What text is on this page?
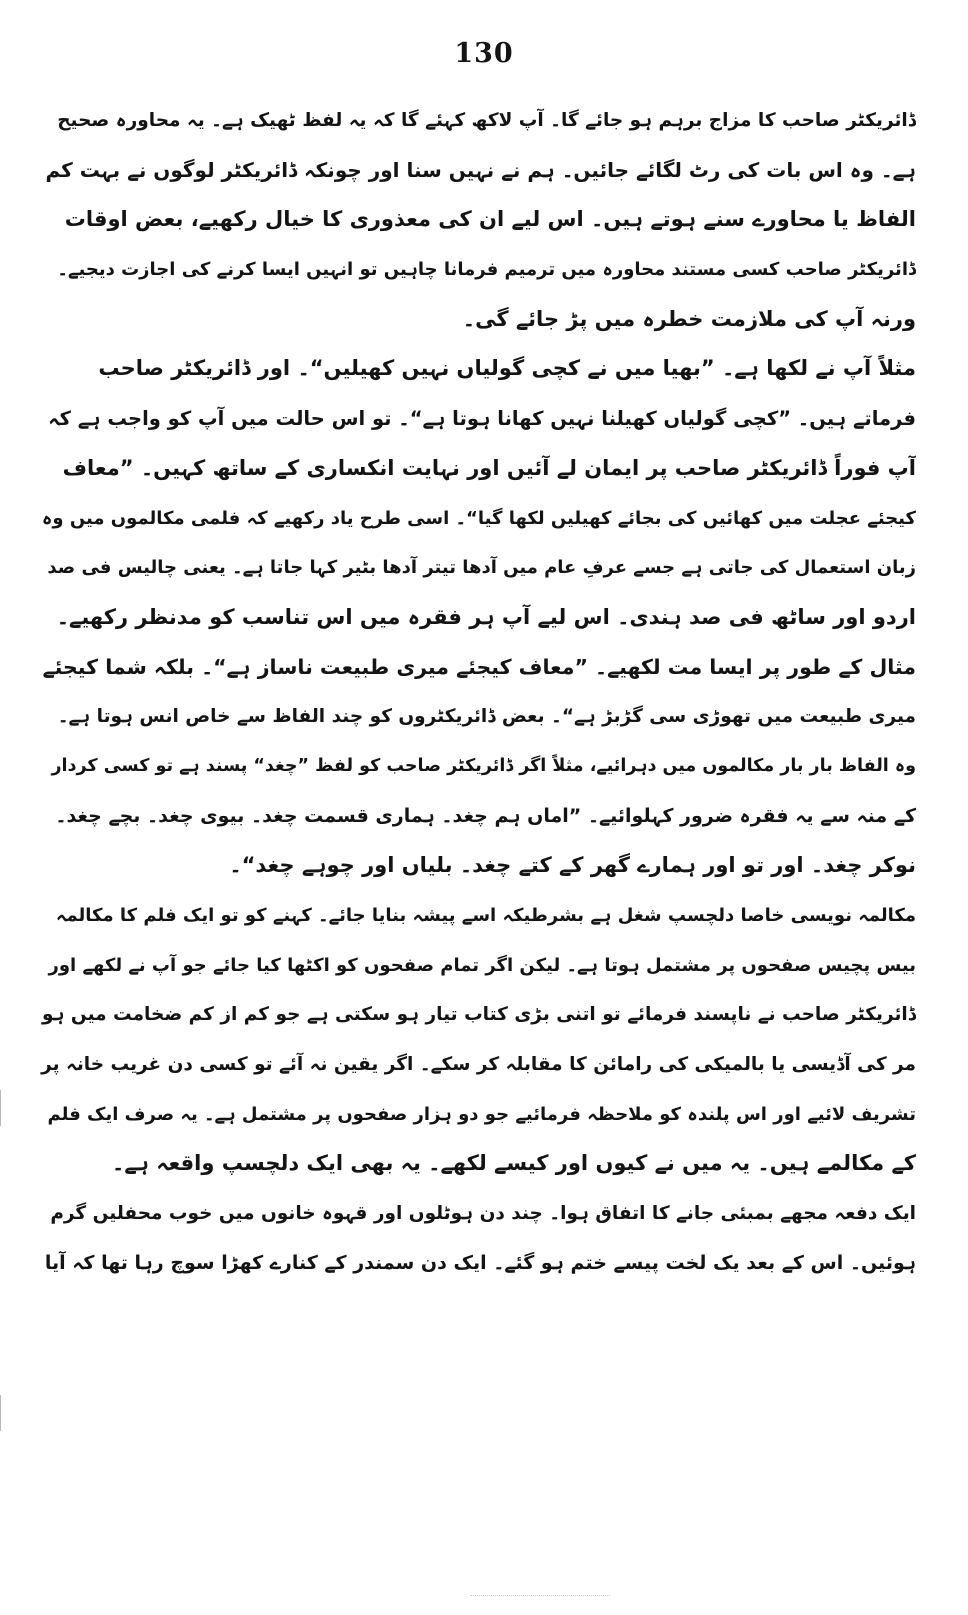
130
ڈائریکٹر صاحب کا مزاج برہم ہو جائے گا۔ آپ لاکھ کہئے گا کہ یہ لفظ ٹھیک ہے۔ یہ محاورہ صحیح
ہے۔ وہ اس بات کی رٹ لگائے جائیں۔ ہم نے نہیں سنا اور چونکہ ڈائریکٹر لوگوں نے بہت کم
الفاظ یا محاورے سنے ہوتے ہیں۔ اس لیے ان کی معذوری کا خیال رکھیے، بعض اوقات
ڈائریکٹر صاحب کسی مستند محاورہ میں ترمیم فرمانا چاہیں تو انہیں ایسا کرنے کی اجازت دیجیے۔
ورنہ آپ کی ملازمت خطرہ میں پڑ جائے گی۔
مثلاً آپ نے لکھا ہے۔ ”بھیا میں نے کچی گولیاں نہیں کھیلیں“۔ اور ڈائریکٹر صاحب
فرماتے ہیں۔ ”کچی گولیاں کھیلنا نہیں کھانا ہوتا ہے“۔ تو اس حالت میں آپ کو واجب ہے کہ
آپ فوراً ڈائریکٹر صاحب پر ایمان لے آئیں اور نہایت انکساری کے ساتھ کہیں۔ ”معاف
کیجئے عجلت میں کھائیں کی بجائے کھیلیں لکھا گیا“۔ اسی طرح یاد رکھیے کہ فلمی مکالموں میں وہ
زبان استعمال کی جاتی ہے جسے عرفِ عام میں آدھا تیتر آدھا بٹیر کہا جاتا ہے۔ یعنی چالیس فی صد
اردو اور ساٹھ فی صد ہندی۔ اس لیے آپ ہر فقرہ میں اس تناسب کو مدنظر رکھیے۔
مثال کے طور پر ایسا مت لکھیے۔ ”معاف کیجئے میری طبیعت ناساز ہے“۔ بلکہ شما کیجئے
میری طبیعت میں تھوڑی سی گڑبڑ ہے“۔ بعض ڈائریکٹروں کو چند الفاظ سے خاص انس ہوتا ہے۔
وہ الفاظ بار بار مکالموں میں دہرائیے، مثلاً اگر ڈائریکٹر صاحب کو لفظ ”چغد“ پسند ہے تو کسی کردار
کے منہ سے یہ فقرہ ضرور کہلوائیے۔ ”اماں ہم چغد۔ ہماری قسمت چغد۔ بیوی چغد۔ بچے چغد۔
نوکر چغد۔ اور تو اور ہمارے گھر کے کتے چغد۔ بلیاں اور چوہے چغد“۔
مکالمہ نویسی خاصا دلچسپ شغل ہے بشرطیکہ اسے پیشہ بنایا جائے۔ کہنے کو تو ایک فلم کا مکالمہ
بیس پچیس صفحوں پر مشتمل ہوتا ہے۔ لیکن اگر تمام صفحوں کو اکٹھا کیا جائے جو آپ نے لکھے اور
ڈائریکٹر صاحب نے ناپسند فرمائے تو اتنی بڑی کتاب تیار ہو سکتی ہے جو کم از کم ضخامت میں ہو
مر کی آڈیسی یا بالمیکی کی رامائن کا مقابلہ کر سکے۔ اگر یقین نہ آئے تو کسی دن غریب خانہ پر
تشریف لائیے اور اس پلندہ کو ملاحظہ فرمائیے جو دو ہزار صفحوں پر مشتمل ہے۔ یہ صرف ایک فلم
کے مکالمے ہیں۔ یہ میں نے کیوں اور کیسے لکھے۔ یہ بھی ایک دلچسپ واقعہ ہے۔
ایک دفعہ مجھے بمبئی جانے کا اتفاق ہوا۔ چند دن ہوٹلوں اور قہوہ خانوں میں خوب محفلیں گرم
ہوئیں۔ اس کے بعد یک لخت پیسے ختم ہو گئے۔ ایک دن سمندر کے کنارے کھڑا سوچ رہا تھا کہ آیا
